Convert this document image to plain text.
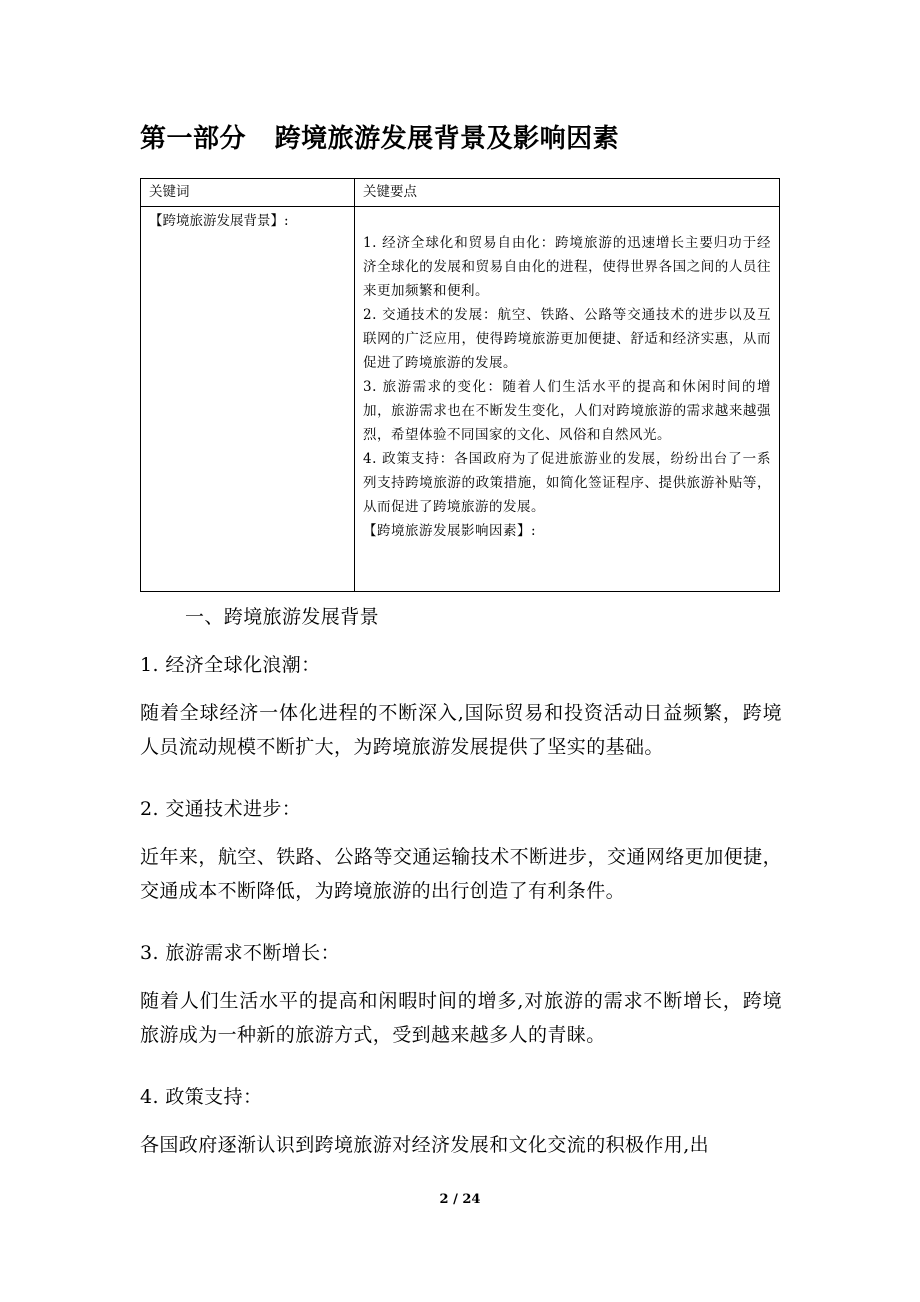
第一部分   跨境旅游发展背景及影响因素
关键词	关键要点
【跨境旅游发展背景】:	1. 经济全球化和贸易自由化：跨境旅游的迅速增长主要归功于经济全球化的发展和贸易自由化的进程，使得世界各国之间的人员往来更加频繁和便利。

2. 交通技术的发展：航空、铁路、公路等交通技术的进步以及互联网的广泛应用，使得跨境旅游更加便捷、舒适和经济实惠，从而促进了跨境旅游的发展。

3. 旅游需求的变化：随着人们生活水平的提高和休闲时间的增加，旅游需求也在不断发生变化，人们对跨境旅游的需求越来越强烈，希望体验不同国家的文化、风俗和自然风光。

4. 政策支持：各国政府为了促进旅游业的发展，纷纷出台了一系列支持跨境旅游的政策措施，如简化签证程序、提供旅游补贴等，从而促进了跨境旅游的发展。

【跨境旅游发展影响因素】:

一、跨境旅游发展背景

1. 经济全球化浪潮：

随着全球经济一体化进程的不断深入,国际贸易和投资活动日益频繁，跨境人员流动规模不断扩大，为跨境旅游发展提供了坚实的基础。

2. 交通技术进步：

近年来，航空、铁路、公路等交通运输技术不断进步，交通网络更加便捷，交通成本不断降低，为跨境旅游的出行创造了有利条件。

3. 旅游需求不断增长：

随着人们生活水平的提高和闲暇时间的增多,对旅游的需求不断增长，跨境旅游成为一种新的旅游方式，受到越来越多人的青睐。

4. 政策支持：

各国政府逐渐认识到跨境旅游对经济发展和文化交流的积极作用,出

2 / 24
